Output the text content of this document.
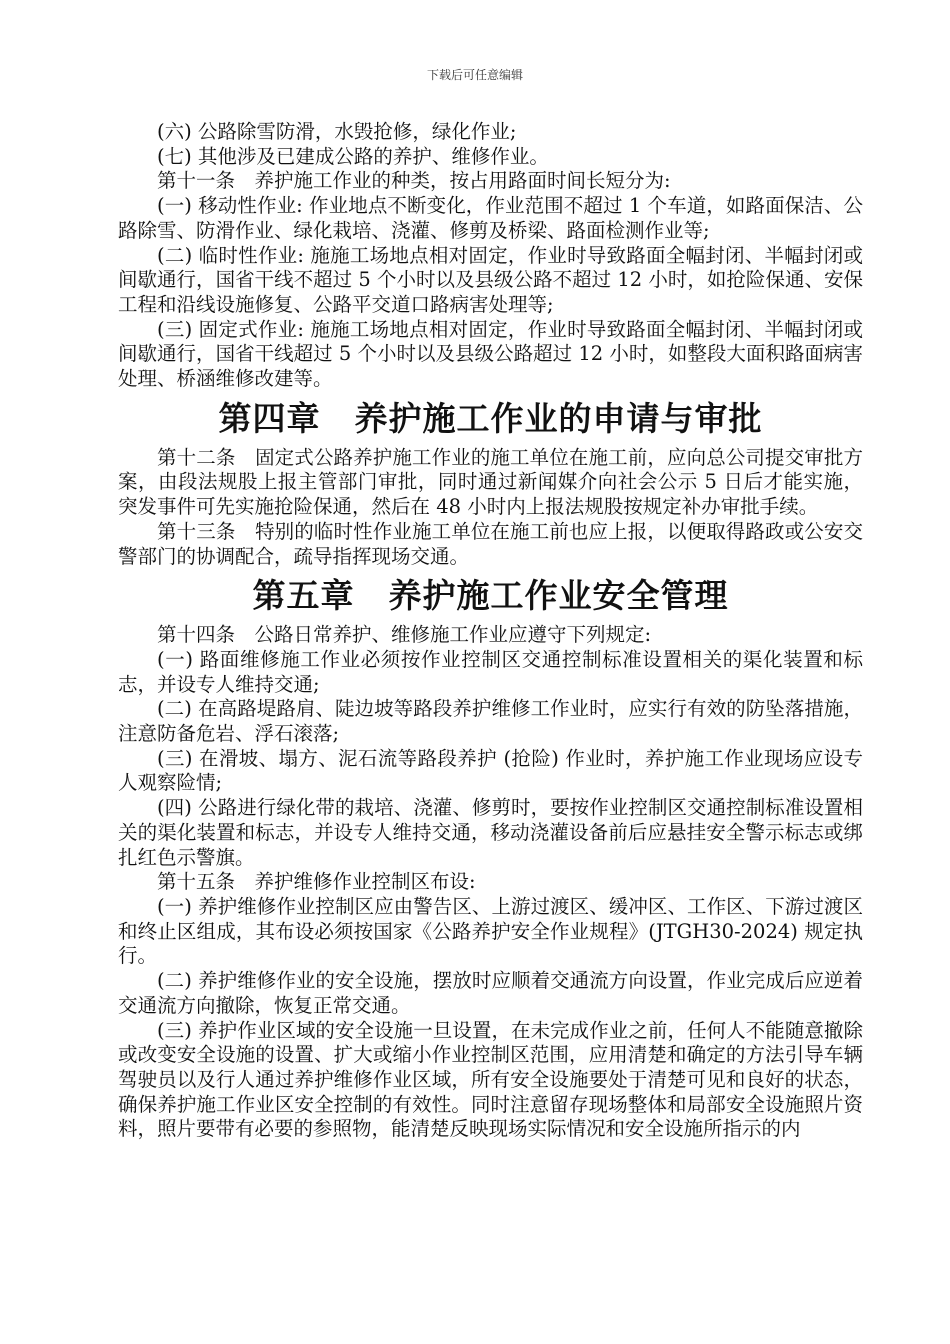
下载后可任意编辑

(六) 公路除雪防滑，水毁抢修，绿化作业;

(七) 其他涉及已建成公路的养护、维修作业。

第十一条　养护施工作业的种类，按占用路面时间长短分为:

(一) 移动性作业: 作业地点不断变化，作业范围不超过 1 个车道，如路面保洁、公路除雪、防滑作业、绿化栽培、浇灌、修剪及桥梁、路面检测作业等;

(二) 临时性作业: 施施工场地点相对固定，作业时导致路面全幅封闭、半幅封闭或间歇通行，国省干线不超过 5 个小时以及县级公路不超过 12 小时，如抢险保通、安保工程和沿线设施修复、公路平交道口路病害处理等;

(三) 固定式作业: 施施工场地点相对固定，作业时导致路面全幅封闭、半幅封闭或间歇通行，国省干线超过 5 个小时以及县级公路超过 12 小时，如整段大面积路面病害处理、桥涵维修改建等。

第四章　养护施工作业的申请与审批

第十二条　固定式公路养护施工作业的施工单位在施工前，应向总公司提交审批方案，由段法规股上报主管部门审批，同时通过新闻媒介向社会公示 5 日后才能实施，突发事件可先实施抢险保通，然后在 48 小时内上报法规股按规定补办审批手续。

第十三条　特别的临时性作业施工单位在施工前也应上报，以便取得路政或公安交警部门的协调配合，疏导指挥现场交通。

第五章　养护施工作业安全管理

第十四条　公路日常养护、维修施工作业应遵守下列规定:

(一) 路面维修施工作业必须按作业控制区交通控制标准设置相关的渠化装置和标志，并设专人维持交通;

(二) 在高路堤路肩、陡边坡等路段养护维修工作业时，应实行有效的防坠落措施，注意防备危岩、浮石滚落;

(三) 在滑坡、塌方、泥石流等路段养护 (抢险) 作业时，养护施工作业现场应设专人观察险情;

(四) 公路进行绿化带的栽培、浇灌、修剪时，要按作业控制区交通控制标准设置相关的渠化装置和标志，并设专人维持交通，移动浇灌设备前后应悬挂安全警示标志或绑扎红色示警旗。

第十五条　养护维修作业控制区布设:

(一) 养护维修作业控制区应由警告区、上游过渡区、缓冲区、工作区、下游过渡区和终止区组成，其布设必须按国家《公路养护安全作业规程》(JTGH30-2024) 规定执行。

(二) 养护维修作业的安全设施，摆放时应顺着交通流方向设置，作业完成后应逆着交通流方向撤除，恢复正常交通。

(三) 养护作业区域的安全设施一旦设置，在未完成作业之前，任何人不能随意撤除或改变安全设施的设置、扩大或缩小作业控制区范围，应用清楚和确定的方法引导车辆驾驶员以及行人通过养护维修作业区域，所有安全设施要处于清楚可见和良好的状态，确保养护施工作业区安全控制的有效性。同时注意留存现场整体和局部安全设施照片资料，照片要带有必要的参照物，能清楚反映现场实际情况和安全设施所指示的内
